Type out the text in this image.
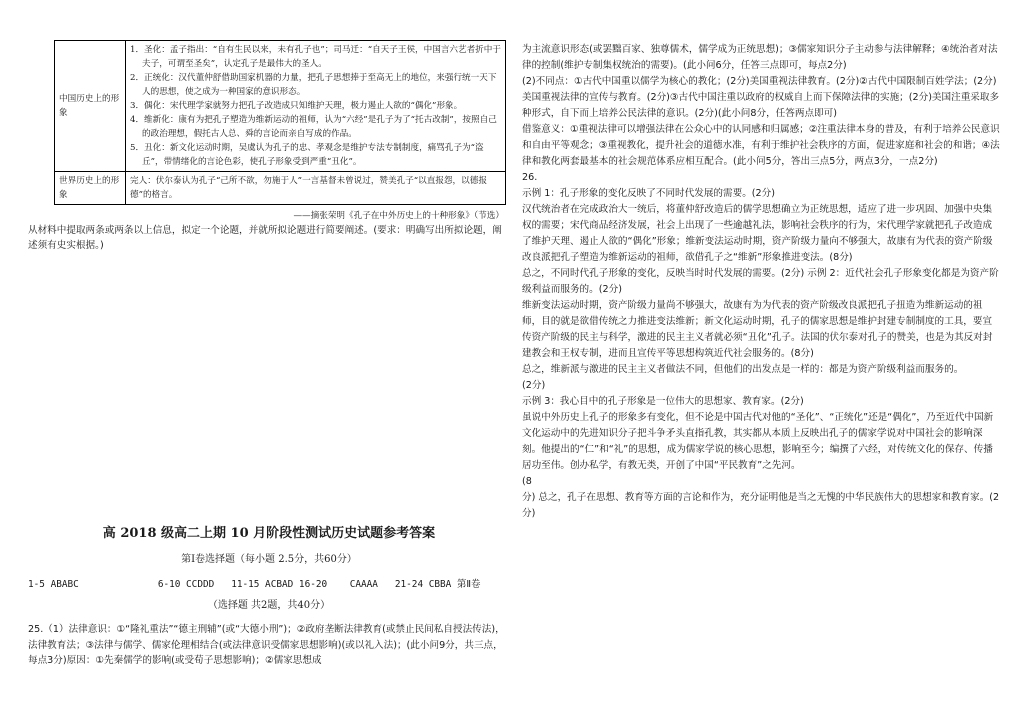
中国历史上的形象	1．圣化：孟子指出：“自有生民以来，未有孔子也”；司马迁：“自天子王侯，中国言六艺者折中于夫子，可谓至圣矣”，认定孔子是最伟大的圣人。
2．正统化：汉代董仲舒借助国家机器的力量，把孔子思想捧于至高无上的地位，来强行统一天下人的思想，使之成为一种国家的意识形态。
3．偶化：宋代理学家就努力把孔子改造成只知维护天理，极力遏止人欲的“偶化”形象。
4．维新化：康有为把孔子塑造为维新运动的祖师，认为“六经”是孔子为了“托古改制”，按照自己的政治理想，假托古人总、舜的言论而亲自写成的作品。
5．丑化：新文化运动时期，吴虞认为孔子的忠、孝观念是维护专法专制制度，痛骂孔子为“盗丘”，带情绪化的言论色彩，使孔子形象受到严重“丑化”。

世界历史上的形象	完人：伏尔泰认为孔子“己所不欲，勿施于人”一言基督未曾说过，赞美孔子“以直报怨，以德报德”的格言。
——摘张荣明《孔子在中外历史上的十种形象》（节选）

从材料中提取两条或两条以上信息，拟定一个论题，并就所拟论题进行简要阐述。(要求：明确写出所拟论题，阐述须有史实根据。)

高 2018 级高二上期 10 月阶段性测试历史试题参考答案
第Ⅰ卷选择题（每小题 2.5分，共60分）
1-5 ABABC              6-10 CCDDD   11-15 ACBAD 16-20    CAAAA   21-24 CBBA 第Ⅱ卷
（选择题 共2题，共40分）
25.（1）法律意识：①“隆礼重法”“德主刑辅”(或“大德小刑”)；②政府垄断法律教育(或禁止民间私自授法传法)，法律教育法；③法律与儒学、儒家伦理相结合(或法律意识受儒家思想影响)(或以礼入法)；(此小问9分，共三点，每点3分)原因：①先秦儒学的影响(或受荀子思想影响)；②儒家思想成

为主流意识形态(或罢黜百家、独尊儒术，儒学成为正统思想)；③儒家知识分子主动参与法律解释；④统治者对法律的控制(维护专制集权统治的需要)。(此小问6分，任答三点即可，每点2分)

(2)不同点：①古代中国重以儒学为核心的教化；(2分)美国重视法律教育。(2分)②古代中国限制百姓学法；(2分)美国重视法律的宣传与教育。(2分)③古代中国注重以政府的权威自上而下保障法律的实施；(2分)美国注重采取多种形式，自下而上培养公民法律的意识。(2分)(此小问8分，任答两点即可)

借鉴意义：①重视法律可以增强法律在公众心中的认同感和归属感；②注重法律本身的普及，有利于培养公民意识和自由平等观念；③重视教化，提升社会的道德水准，有利于维护社会秩序的方面，促进家庭和社会的和谐；④法律和教化两套最基本的社会规范体系应相互配合。(此小问5分，答出三点5分，两点3分，一点2分)

26.

示例 1：孔子形象的变化反映了不同时代发展的需要。(2分)

汉代统治者在完成政治大一统后，将董仲舒改造后的儒学思想确立为正统思想，适应了进一步巩固、加强中央集权的需要；宋代商品经济发展，社会上出现了一些逾越礼法，影响社会秩序的行为，宋代理学家就把孔子改造成了维护天理、遏止人欲的“偶化”形象；维新变法运动时期，资产阶级力量向不够强大，故康有为代表的资产阶级改良派把孔子塑造为维新运动的祖师，欲借孔子之“维新”形象推进变法。(8分)

总之，不同时代孔子形象的变化，反映当时时代发展的需要。(2分) 示例 2：近代社会孔子形象变化都是为资产阶级利益而服务的。(2分)

维新变法运动时期，资产阶级力量尚不够强大，故康有为为代表的资产阶级改良派把孔子扭造为维新运动的祖师，目的就是欲借传统之力推进变法维新；新文化运动时期，孔子的儒家思想是维护封建专制制度的工具，要宣传资产阶级的民主与科学，激进的民主主义者就必须“丑化”孔子。法国的伏尔泰对孔子的赞美，也是为其反对封建教会和王权专制，进而且宣传平等思想构筑近代社会服务的。(8分)

总之，维新派与激进的民主主义者做法不同，但他们的出发点是一样的：都是为资产阶级利益而服务的。

(2分)

示例 3：我心目中的孔子形象是一位伟大的思想家、教育家。(2分)

虽说中外历史上孔子的形象多有变化，但不论是中国古代对他的“圣化”、“正统化”还是“偶化”，乃至近代中国新文化运动中的先进知识分子把斗争矛头直指孔教，其实都从本质上反映出孔子的儒家学说对中国社会的影响深刻。他提出的“仁”和“礼”的思想，成为儒家学说的核心思想，影响至今；编撰了六经，对传统文化的保存、传播居功至伟。创办私学，有教无类，开创了中国“平民教育”之先河。

(8

分) 总之，孔子在思想、教育等方面的言论和作为，充分证明他是当之无愧的中华民族伟大的思想家和教育家。(2分)
